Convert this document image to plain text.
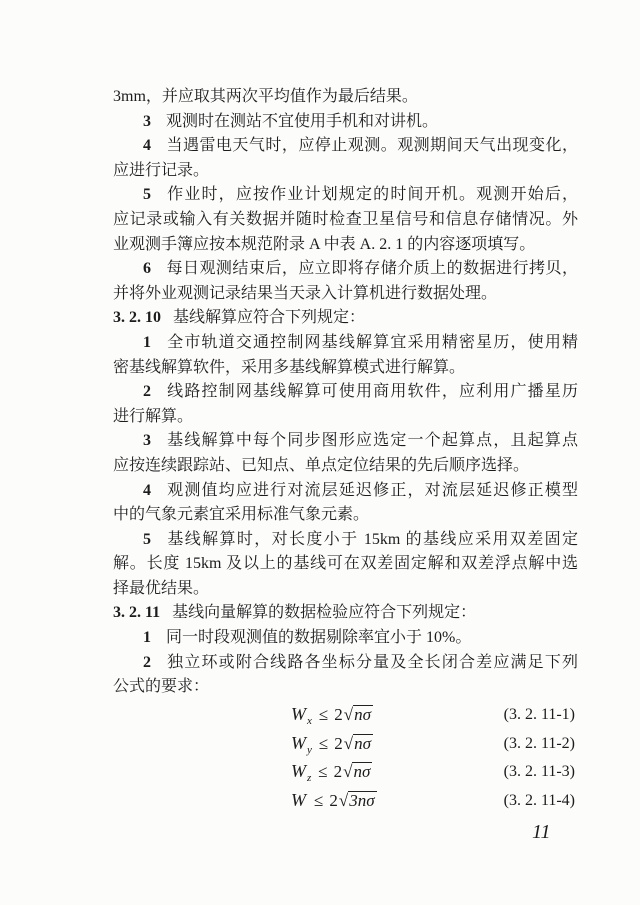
3mm，并应取其两次平均值作为最后结果。
3 观测时在测站不宜使用手机和对讲机。
4 当遇雷电天气时，应停止观测。观测期间天气出现变化，
应进行记录。
5 作业时，应按作业计划规定的时间开机。观测开始后，
应记录或输入有关数据并随时检查卫星信号和信息存储情况。外
业观测手簿应按本规范附录 A 中表 A. 2. 1 的内容逐项填写。
6 每日观测结束后，应立即将存储介质上的数据进行拷贝，
并将外业观测记录结果当天录入计算机进行数据处理。
3. 2. 10 基线解算应符合下列规定：
1 全市轨道交通控制网基线解算宜采用精密星历，使用精
密基线解算软件，采用多基线解算模式进行解算。
2 线路控制网基线解算可使用商用软件，应利用广播星历
进行解算。
3 基线解算中每个同步图形应选定一个起算点，且起算点
应按连续跟踪站、已知点、单点定位结果的先后顺序选择。
4 观测值均应进行对流层延迟修正，对流层延迟修正模型
中的气象元素宜采用标准气象元素。
5 基线解算时，对长度小于 15km 的基线应采用双差固定
解。长度 15km 及以上的基线可在双差固定解和双差浮点解中选
择最优结果。
3. 2. 11 基线向量解算的数据检验应符合下列规定：
1 同一时段观测值的数据剔除率宜小于 10%。
2 独立环或附合线路各坐标分量及全长闭合差应满足下列
公式的要求：
$W_x \le 2√n\sigma$	(3. 2. 11-1)
$W_y \le 2√n\sigma$	(3. 2. 11-2)
$W_z \le 2√n\sigma$	(3. 2. 11-3)
W ≤ 2√3nσ	(3. 2. 11-4)
11
